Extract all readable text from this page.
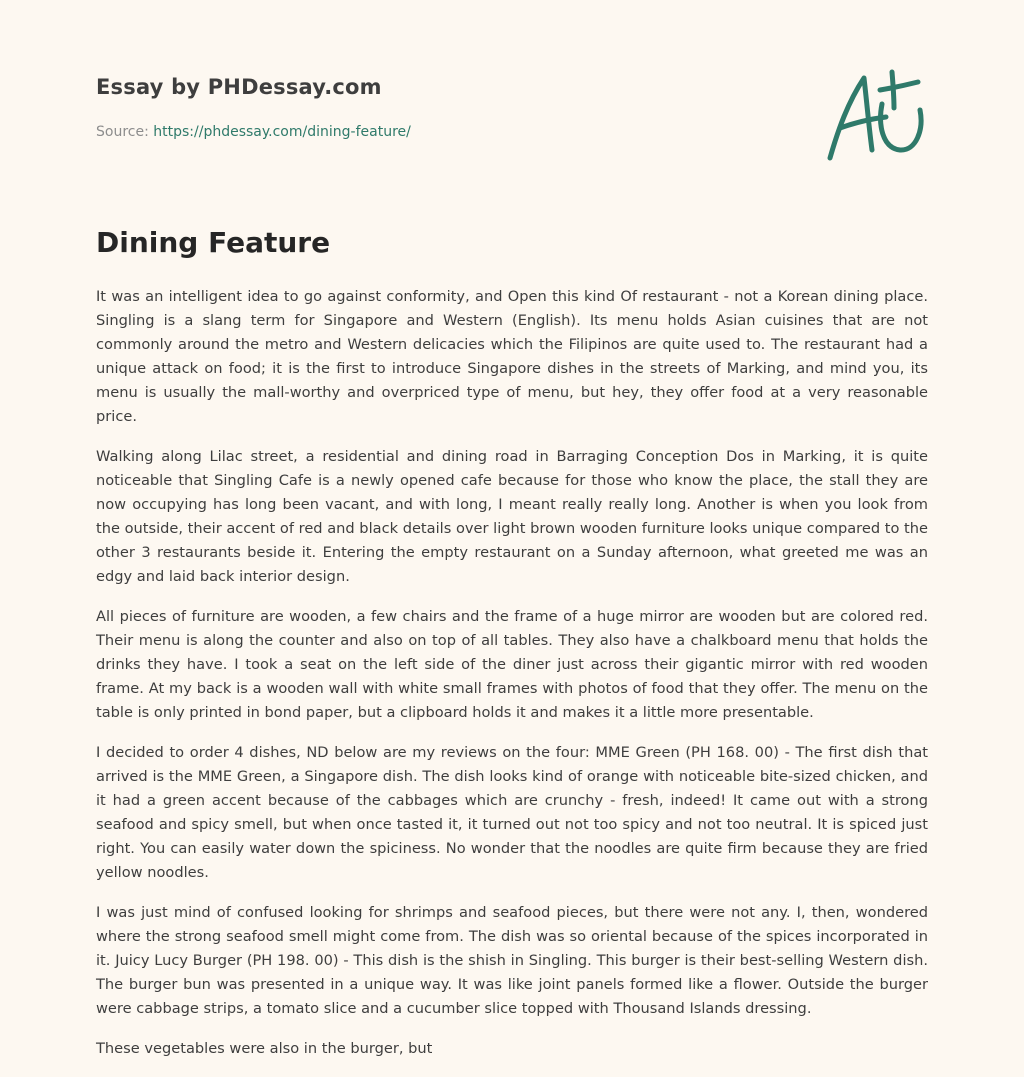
Essay by PHDessay.com
Source: https://phdessay.com/dining-feature/
Dining Feature

It was an intelligent idea to go against conformity, and Open this kind Of restaurant - not a Korean dining place. Singling is a slang term for Singapore and Western (English). Its menu holds Asian cuisines that are not commonly around the metro and Western delicacies which the Filipinos are quite used to. The restaurant had a unique attack on food; it is the first to introduce Singapore dishes in the streets of Marking, and mind you, its menu is usually the mall-worthy and overpriced type of menu, but hey, they offer food at a very reasonable price.

Walking along Lilac street, a residential and dining road in Barraging Conception Dos in Marking, it is quite noticeable that Singling Cafe is a newly opened cafe because for those who know the place, the stall they are now occupying has long been vacant, and with long, I meant really really long. Another is when you look from the outside, their accent of red and black details over light brown wooden furniture looks unique compared to the other 3 restaurants beside it. Entering the empty restaurant on a Sunday afternoon, what greeted me was an edgy and laid back interior design.

All pieces of furniture are wooden, a few chairs and the frame of a huge mirror are wooden but are colored red. Their menu is along the counter and also on top of all tables. They also have a chalkboard menu that holds the drinks they have. I took a seat on the left side of the diner just across their gigantic mirror with red wooden frame. At my back is a wooden wall with white small frames with photos of food that they offer. The menu on the table is only printed in bond paper, but a clipboard holds it and makes it a little more presentable.

I decided to order 4 dishes, ND below are my reviews on the four: MME Green (PH 168. 00) - The first dish that arrived is the MME Green, a Singapore dish. The dish looks kind of orange with noticeable bite-sized chicken, and it had a green accent because of the cabbages which are crunchy - fresh, indeed! It came out with a strong seafood and spicy smell, but when once tasted it, it turned out not too spicy and not too neutral. It is spiced just right. You can easily water down the spiciness. No wonder that the noodles are quite firm because they are fried yellow noodles.

I was just mind of confused looking for shrimps and seafood pieces, but there were not any. I, then, wondered where the strong seafood smell might come from. The dish was so oriental because of the spices incorporated in it. Juicy Lucy Burger (PH 198. 00) - This dish is the shish in Singling. This burger is their best-selling Western dish. The burger bun was presented in a unique way. It was like joint panels formed like a flower. Outside the burger were cabbage strips, a tomato slice and a cucumber slice topped with Thousand Islands dressing.

These vegetables were also in the burger, but
